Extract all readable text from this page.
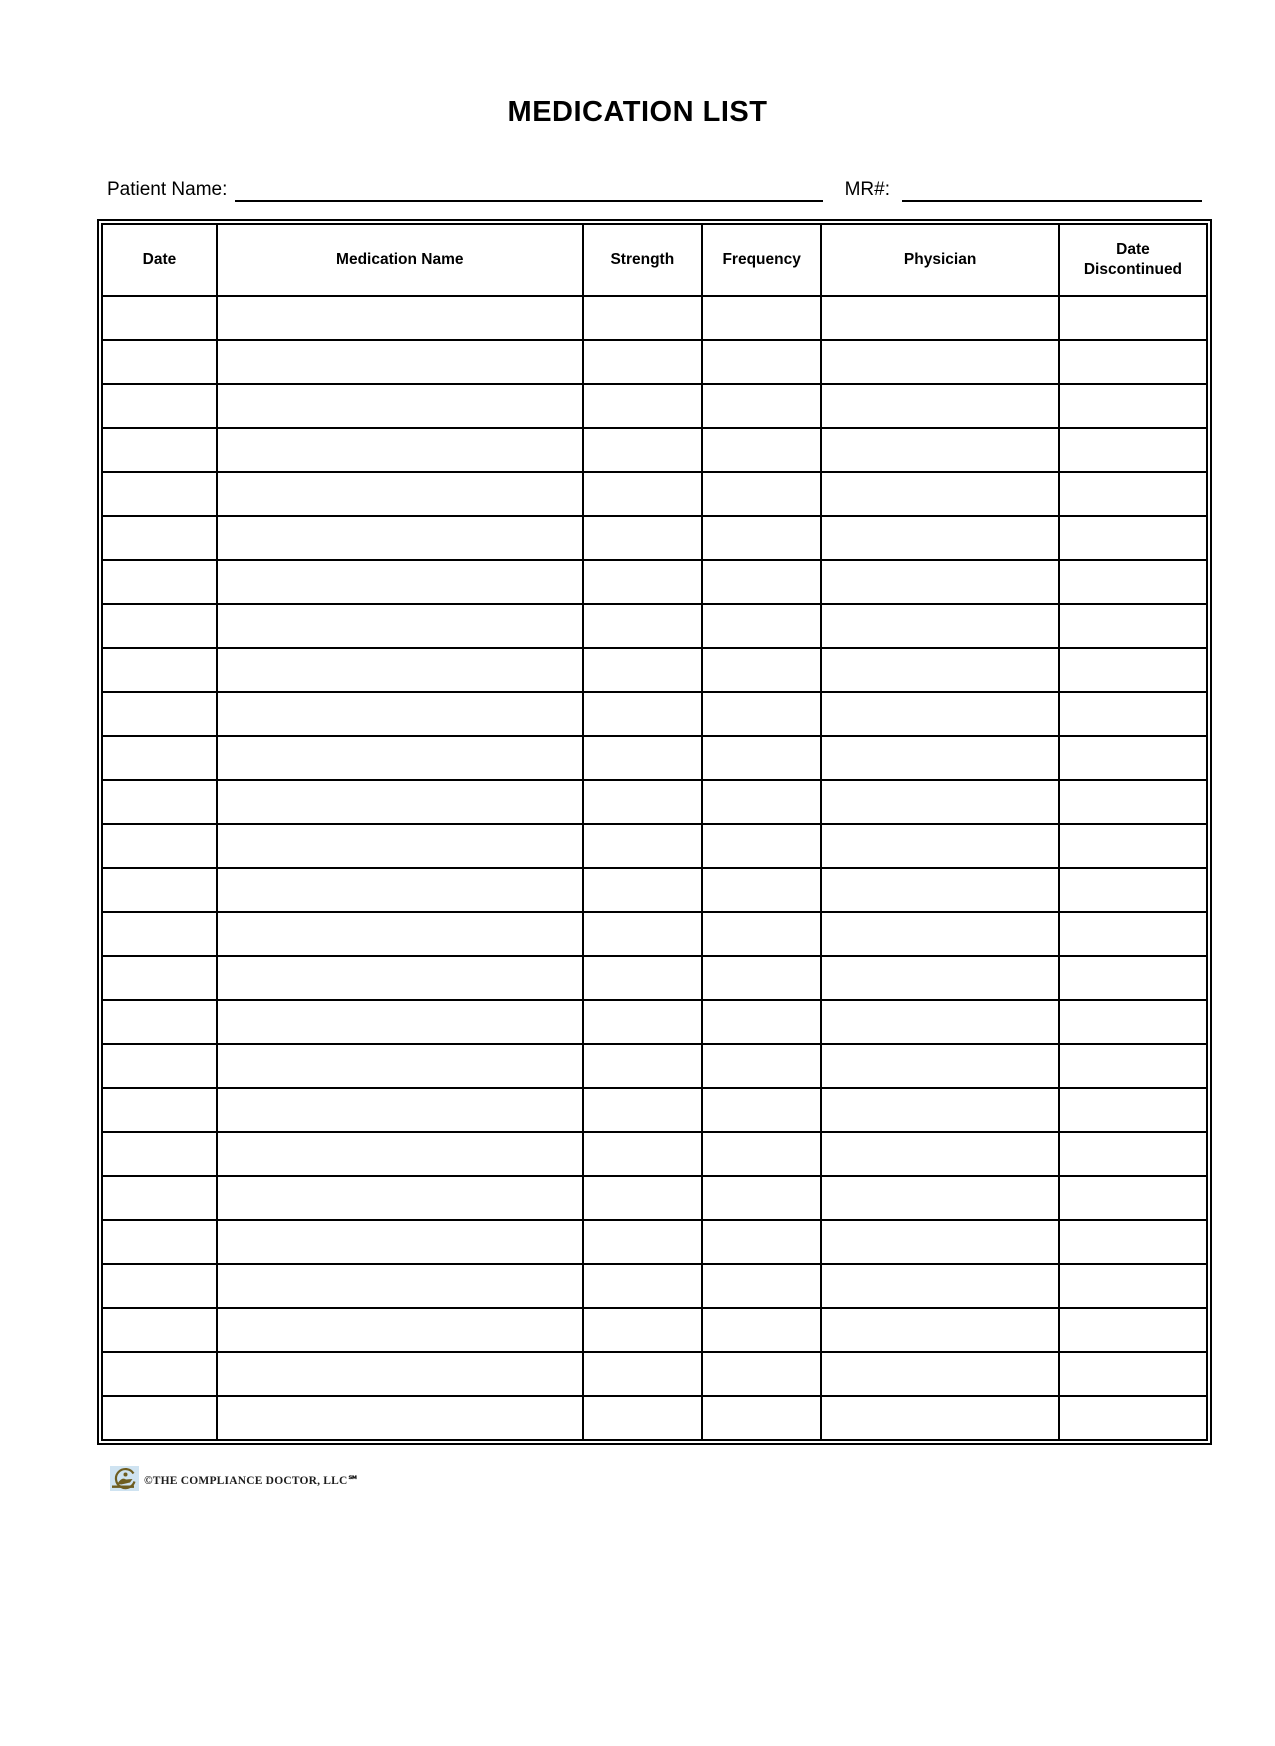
MEDICATION LIST
Patient Name:	MR#:
Date	Medication Name	Strength	Frequency	Physician	Date Discontinued

©THE COMPLIANCE DOCTOR, LLC℠
